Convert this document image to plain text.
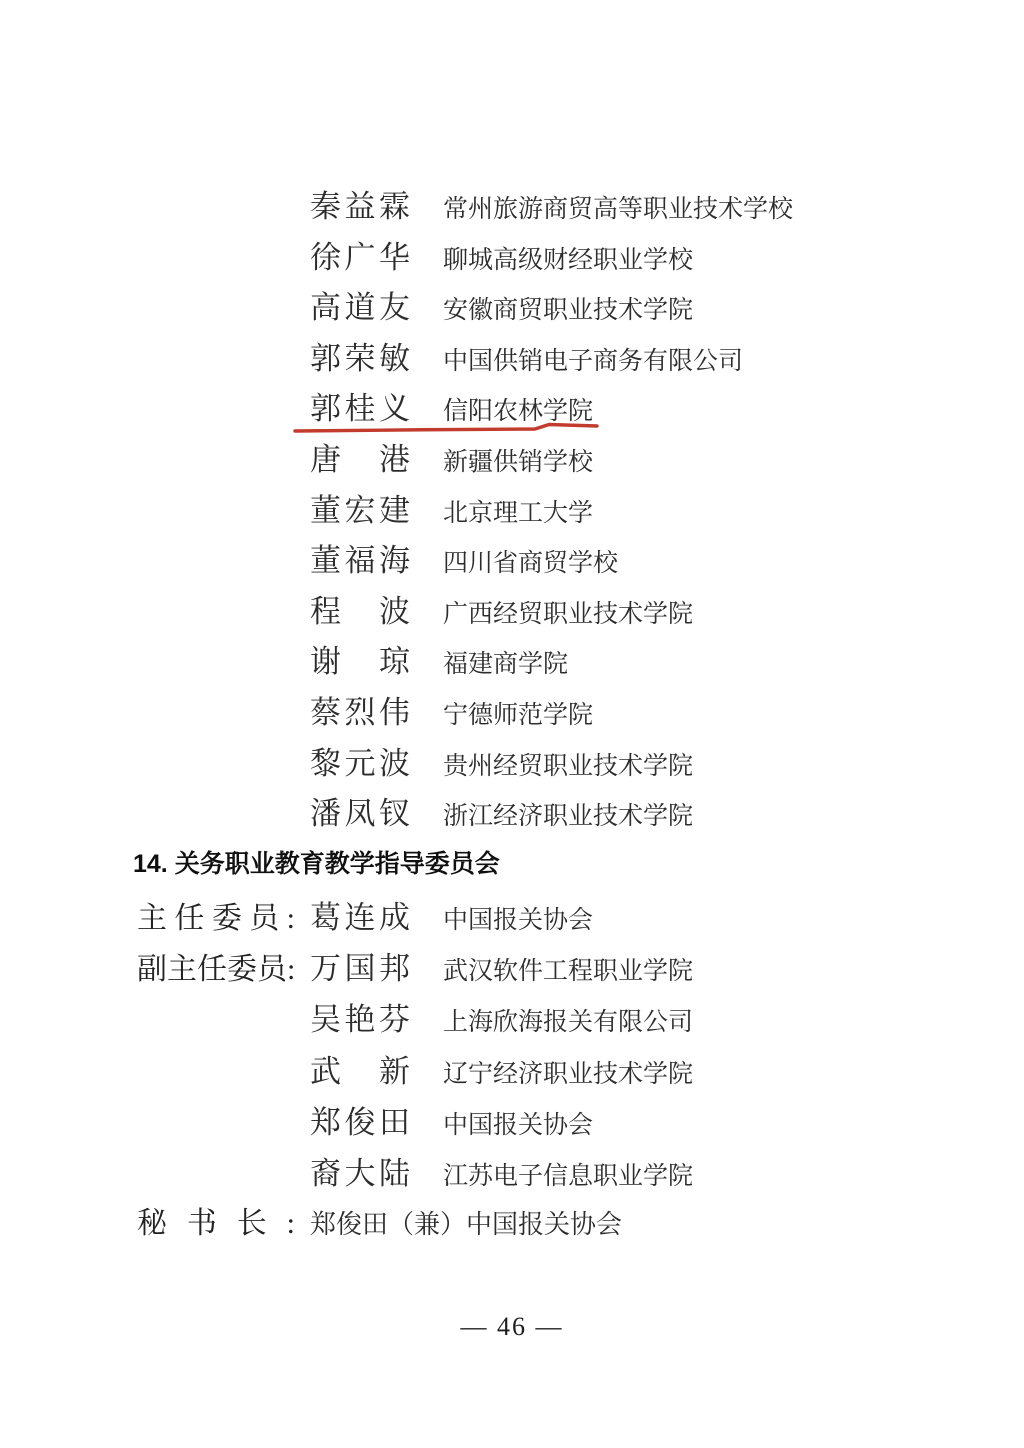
秦 益 霖 常州旅游商贸高等职业技术学校
徐 广 华 聊城高级财经职业学校
高 道 友 安徽商贸职业技术学院
郭 荣 敏 中国供销电子商务有限公司
郭 桂 义 信阳农林学院
唐 港 新疆供销学校
董 宏 建 北京理工大学
董 福 海 四川省商贸学校
程 波 广西经贸职业技术学院
谢 琼 福建商学院
蔡 烈 伟 宁德师范学院
黎 元 波 贵州经贸职业技术学院
潘 凤 钗 浙江经济职业技术学院
14. 关务职业教育教学指导委员会
主 任 委 员 : 葛 连 成 中国报关协会
副 主 任 委 员 : 万 国 邦 武汉软件工程职业学院
吴 艳 芬 上海欣海报关有限公司
武 新 辽宁经济职业技术学院
郑 俊 田 中国报关协会
裔 大 陆 江苏电子信息职业学院
秘 书 长 : 郑俊田（兼）中国报关协会
— 46 —
